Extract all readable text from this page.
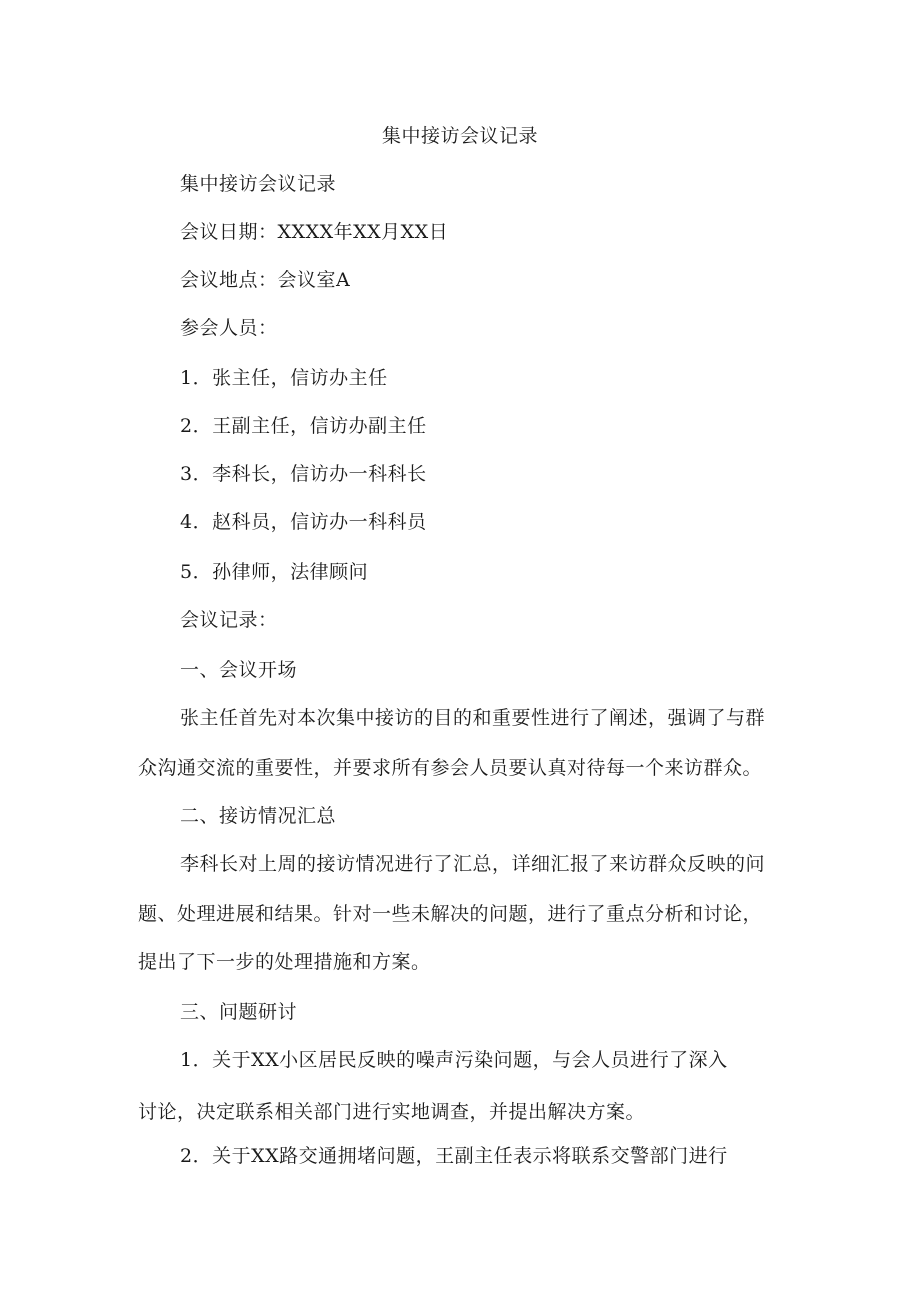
集中接访会议记录
集中接访会议记录
会议日期：XXXX年XX月XX日
会议地点：会议室A
参会人员：
1．张主任，信访办主任
2．王副主任，信访办副主任
3．李科长，信访办一科科长
4．赵科员，信访办一科科员
5．孙律师，法律顾问
会议记录：
一、会议开场
张主任首先对本次集中接访的目的和重要性进行了阐述，强调了与群
众沟通交流的重要性，并要求所有参会人员要认真对待每一个来访群众。
二、接访情况汇总
李科长对上周的接访情况进行了汇总，详细汇报了来访群众反映的问
题、处理进展和结果。针对一些未解决的问题，进行了重点分析和讨论，
提出了下一步的处理措施和方案。
三、问题研讨
1．关于XX小区居民反映的噪声污染问题，与会人员进行了深入
讨论，决定联系相关部门进行实地调查，并提出解决方案。
2．关于XX路交通拥堵问题，王副主任表示将联系交警部门进行
